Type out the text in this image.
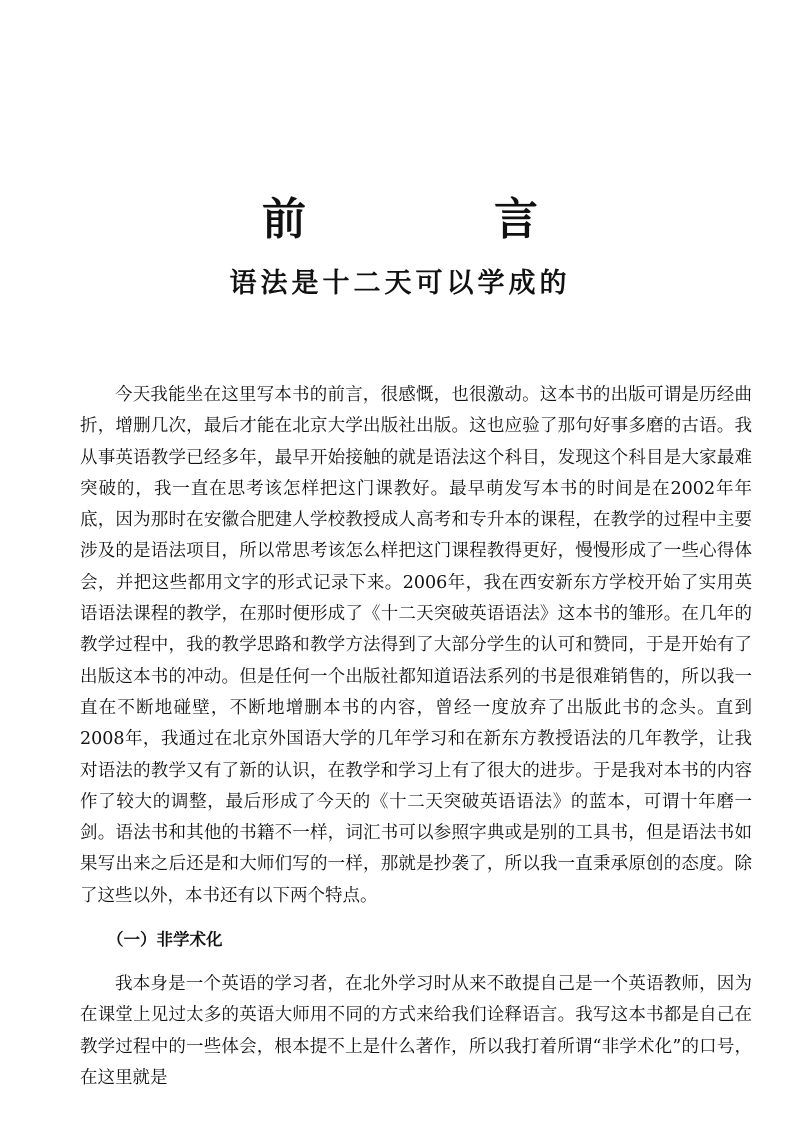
前　言
语法是十二天可以学成的

今天我能坐在这里写本书的前言，很感慨，也很激动。这本书的出版可谓是历经曲折，增删几次，最后才能在北京大学出版社出版。这也应验了那句好事多磨的古语。我从事英语教学已经多年，最早开始接触的就是语法这个科目，发现这个科目是大家最难突破的，我一直在思考该怎样把这门课教好。最早萌发写本书的时间是在2002年年底，因为那时在安徽合肥建人学校教授成人高考和专升本的课程，在教学的过程中主要涉及的是语法项目，所以常思考该怎么样把这门课程教得更好，慢慢形成了一些心得体会，并把这些都用文字的形式记录下来。2006年，我在西安新东方学校开始了实用英语语法课程的教学，在那时便形成了《十二天突破英语语法》这本书的雏形。在几年的教学过程中，我的教学思路和教学方法得到了大部分学生的认可和赞同，于是开始有了出版这本书的冲动。但是任何一个出版社都知道语法系列的书是很难销售的，所以我一直在不断地碰壁，不断地增删本书的内容，曾经一度放弃了出版此书的念头。直到2008年，我通过在北京外国语大学的几年学习和在新东方教授语法的几年教学，让我对语法的教学又有了新的认识，在教学和学习上有了很大的进步。于是我对本书的内容作了较大的调整，最后形成了今天的《十二天突破英语语法》的蓝本，可谓十年磨一剑。语法书和其他的书籍不一样，词汇书可以参照字典或是别的工具书，但是语法书如果写出来之后还是和大师们写的一样，那就是抄袭了，所以我一直秉承原创的态度。除了这些以外，本书还有以下两个特点。

（一）非学术化

我本身是一个英语的学习者，在北外学习时从来不敢提自己是一个英语教师，因为在课堂上见过太多的英语大师用不同的方式来给我们诠释语言。我写这本书都是自己在教学过程中的一些体会，根本提不上是什么著作，所以我打着所谓“非学术化”的口号，在这里就是
